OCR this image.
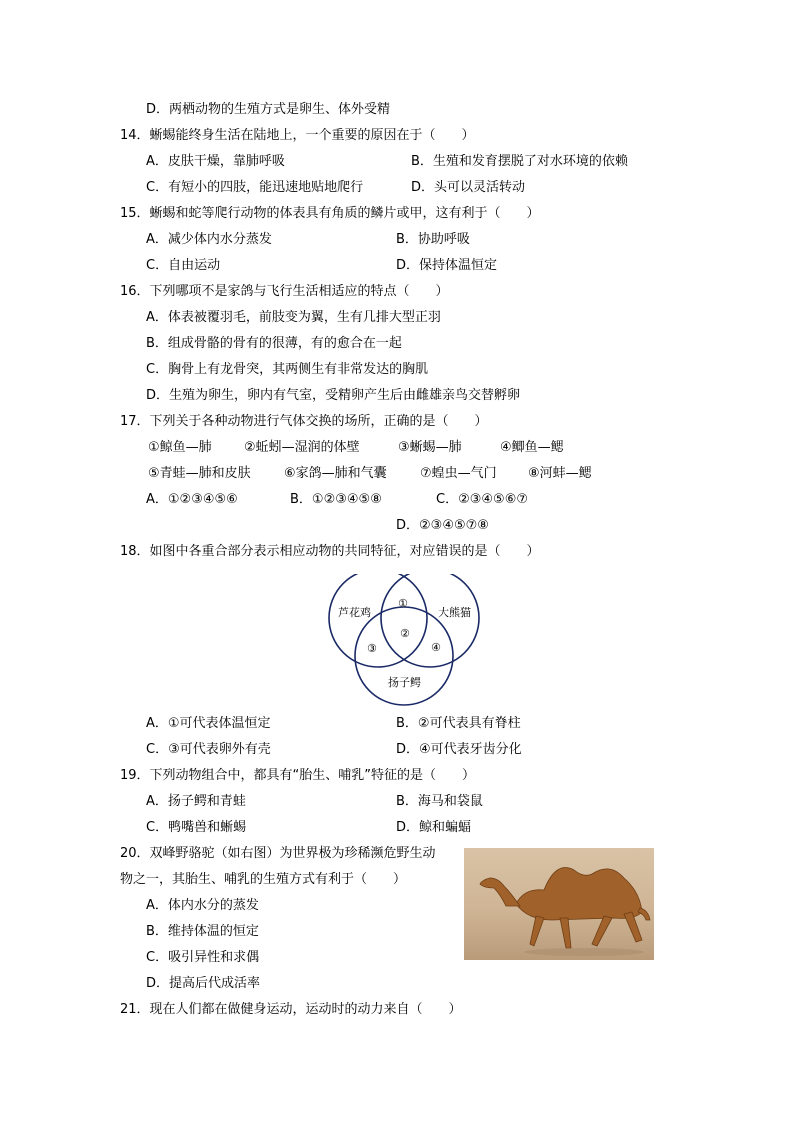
D．两栖动物的生殖方式是卵生、体外受精
14．蜥蜴能终身生活在陆地上，一个重要的原因在于（　　）
A．皮肤干燥，靠肺呼吸	B．生殖和发育摆脱了对水环境的依赖
C．有短小的四肢，能迅速地贴地爬行	D．头可以灵活转动
15．蜥蜴和蛇等爬行动物的体表具有角质的鳞片或甲，这有利于（　　）
A．减少体内水分蒸发	B．协助呼吸
C．自由运动	D．保持体温恒定
16．下列哪项不是家鸽与飞行生活相适应的特点（　　）
A．体表被覆羽毛，前肢变为翼，生有几排大型正羽
B．组成骨骼的骨有的很薄，有的愈合在一起
C．胸骨上有龙骨突，其两侧生有非常发达的胸肌
D．生殖为卵生，卵内有气室，受精卵产生后由雌雄亲鸟交替孵卵
17．下列关于各种动物进行气体交换的场所，正确的是（　　）
①鲸鱼—肺 ②蚯蚓—湿润的体壁	③蜥蜴—肺	④鲫鱼—鳃
⑤青蛙—肺和皮肤	⑥家鸽—肺和气囊	⑦蝗虫—气门 ⑧河蚌—鳃
A．①②③④⑤⑥	B．①②③④⑤⑧	C．②③④⑤⑥⑦
D．②③④⑤⑦⑧
18．如图中各重合部分表示相应动物的共同特征，对应错误的是（　　）
芦花鸡	大熊猫
扬子鳄
①
②
③	④
A．①可代表体温恒定	B．②可代表具有脊柱
C．③可代表卵外有壳	D．④可代表牙齿分化
19．下列动物组合中，都具有“胎生、哺乳”特征的是（　　）
A．扬子鳄和青蛙	B．海马和袋鼠
C．鸭嘴兽和蜥蜴	D．鲸和蝙蝠
20．双峰野骆驼（如右图）为世界极为珍稀濒危野生动
物之一，其胎生、哺乳的生殖方式有利于（　　）
A．体内水分的蒸发
B．维持体温的恒定
C．吸引异性和求偶
D．提高后代成活率
21．现在人们都在做健身运动，运动时的动力来自（　　）
